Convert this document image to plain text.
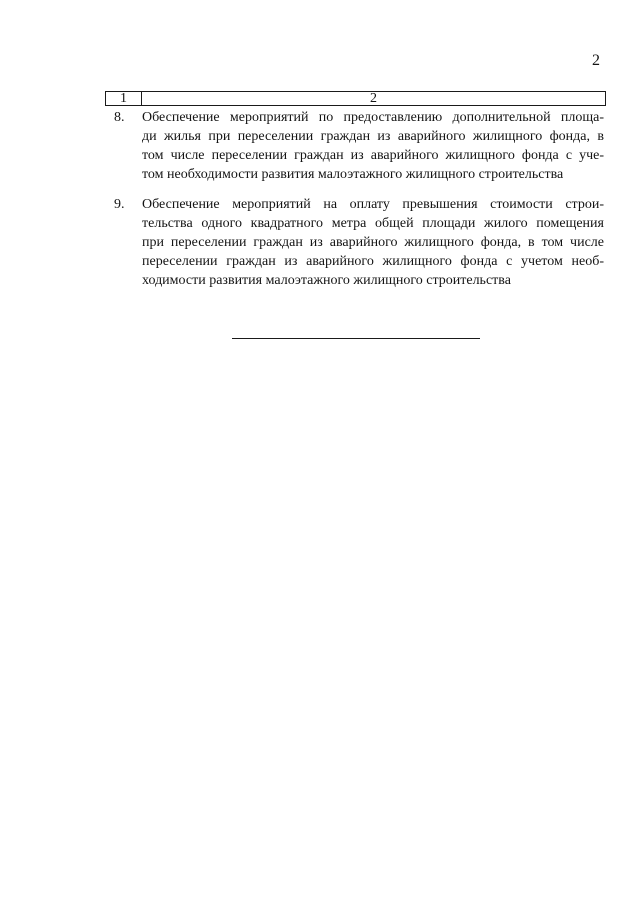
2
1	2
8.	Обеспечение мероприятий по предоставлению дополнительной площа-
ди жилья при переселении граждан из аварийного жилищного фонда, в
том числе переселении граждан из аварийного жилищного фонда с уче-
том необходимости развития малоэтажного жилищного строительства
9.	Обеспечение мероприятий на оплату превышения стоимости строи-
тельства одного квадратного метра общей площади жилого помещения
при переселении граждан из аварийного жилищного фонда, в том числе
переселении граждан из аварийного жилищного фонда с учетом необ-
ходимости развития малоэтажного жилищного строительства
